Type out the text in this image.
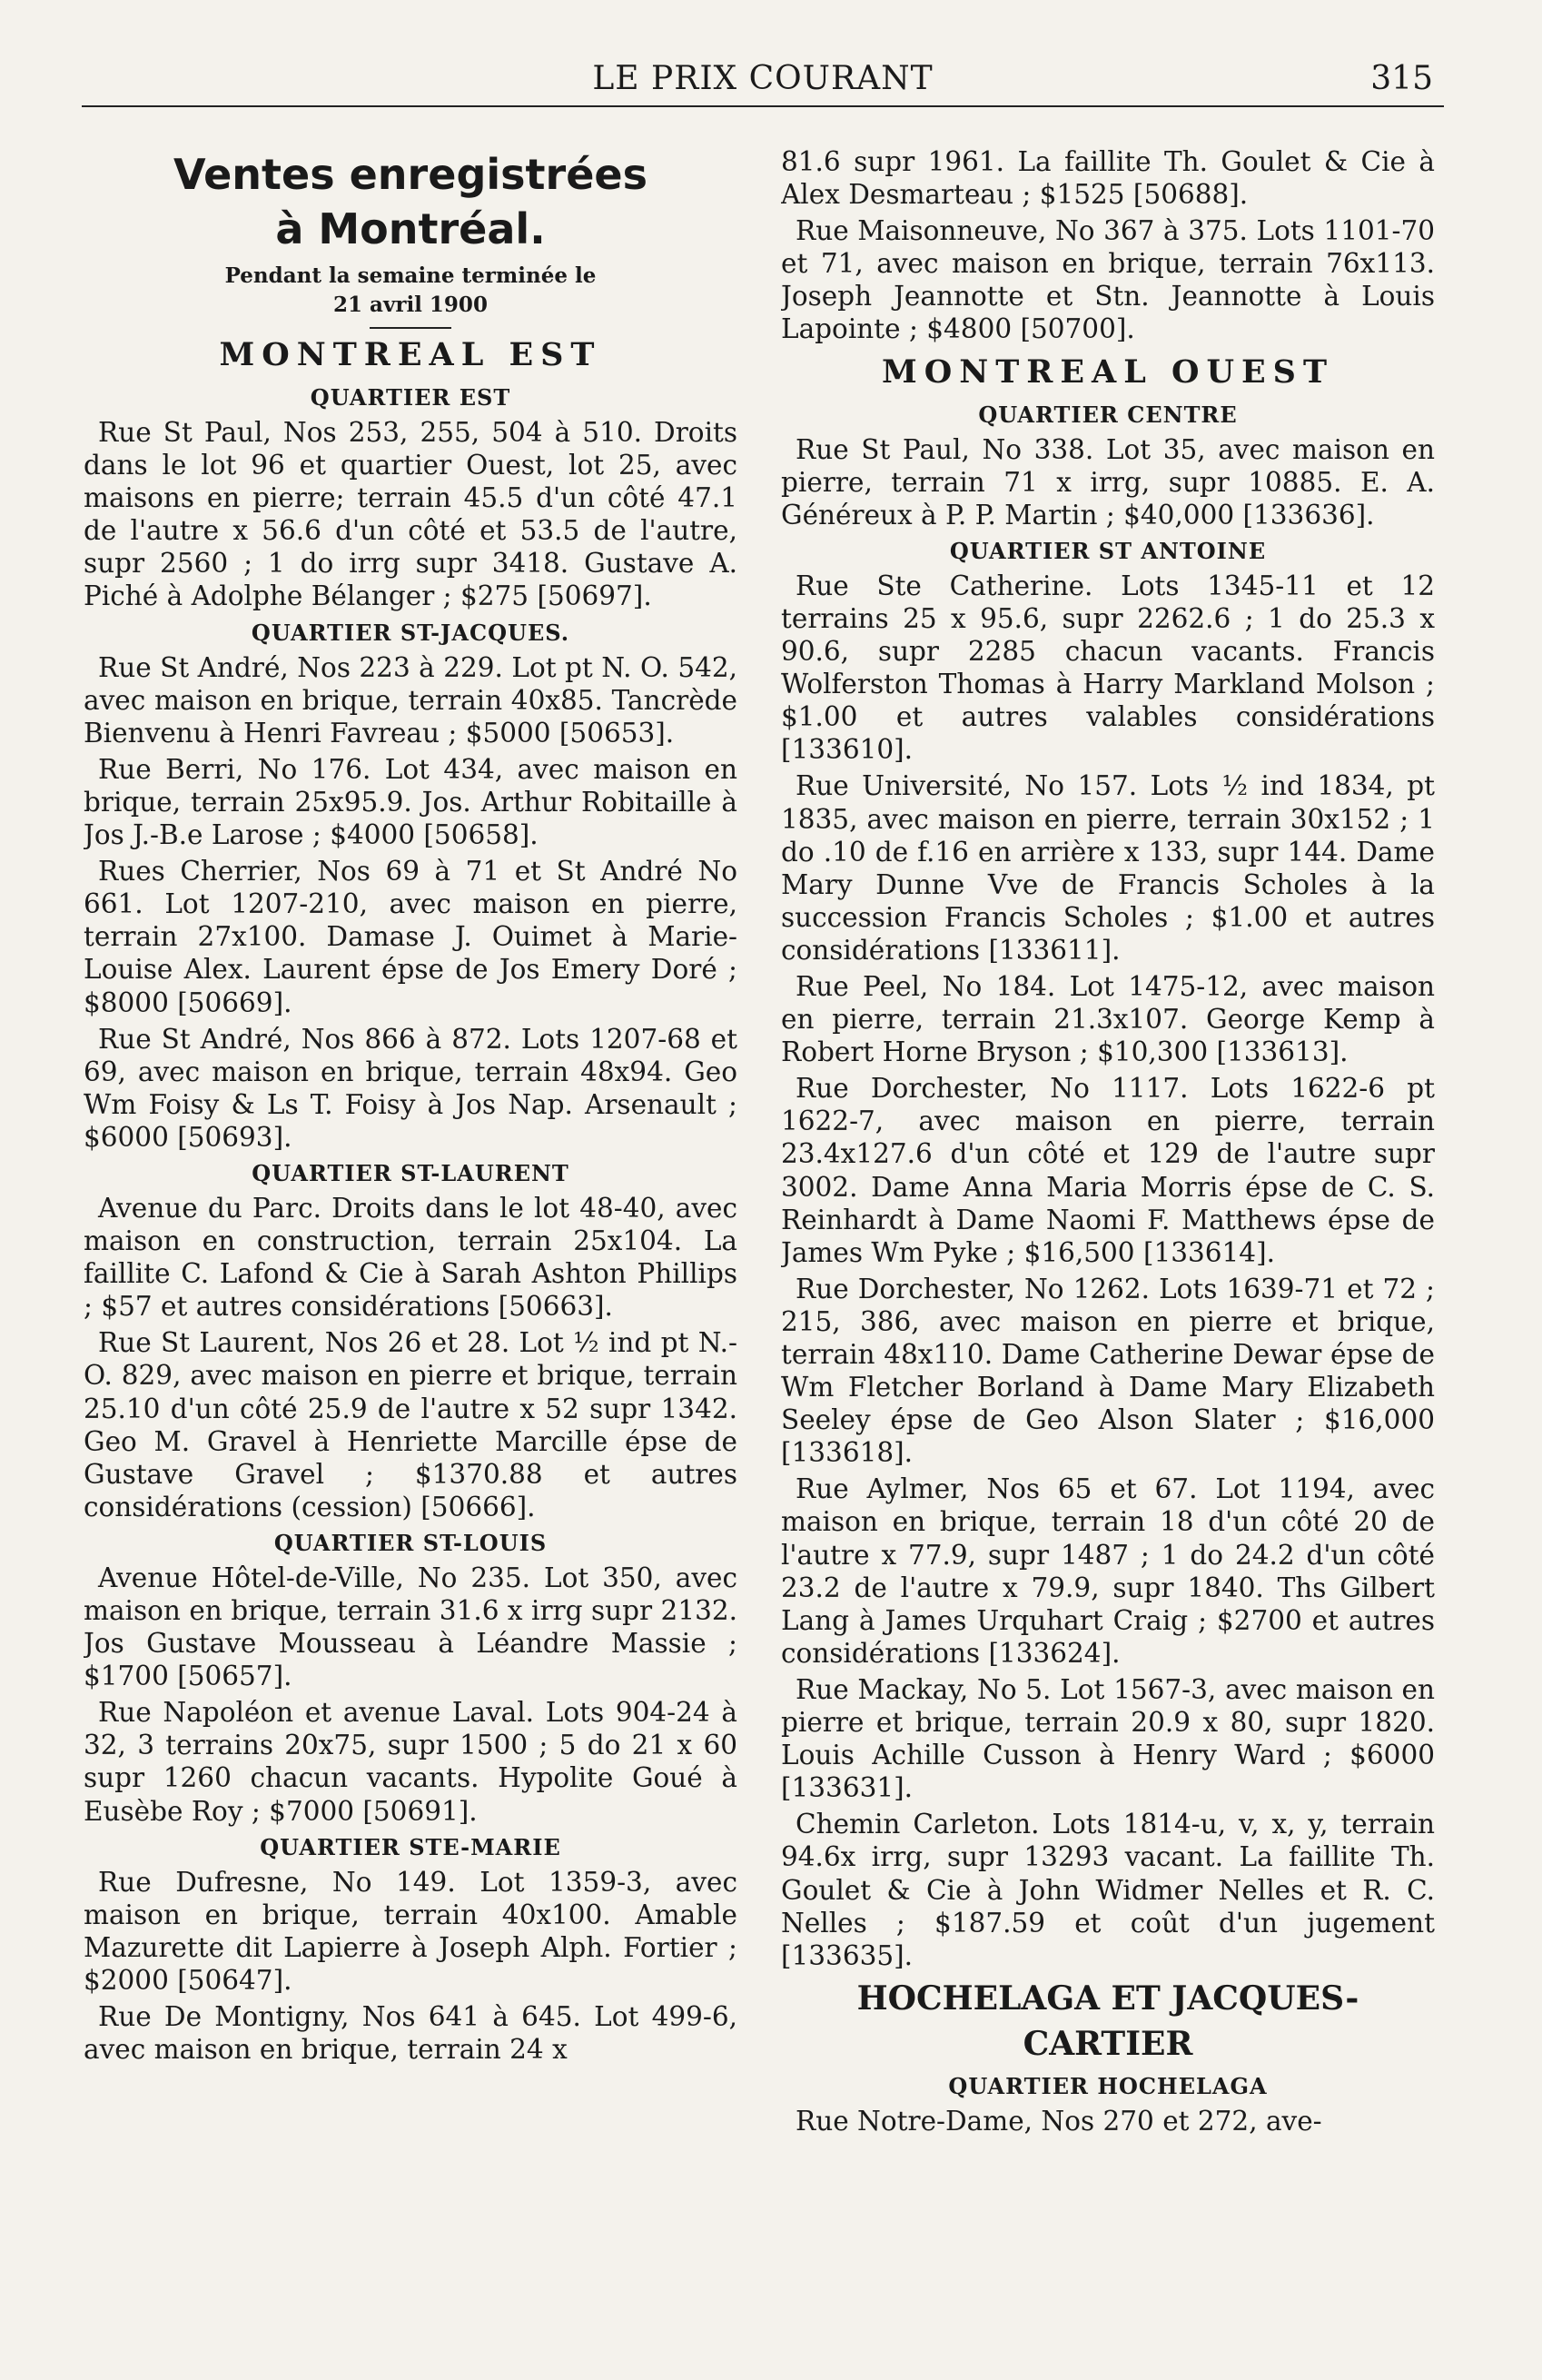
LE PRIX COURANT	315
Ventes enregistrées
à Montréal.
Pendant la semaine terminée le
21 avril 1900
MONTREAL EST
QUARTIER EST

Rue St Paul, Nos 253, 255, 504 à 510. Droits dans le lot 96 et quartier Ouest, lot 25, avec maisons en pierre; terrain 45.5 d'un côté 47.1 de l'autre x 56.6 d'un côté et 53.5 de l'autre, supr 2560 ; 1 do irrg supr 3418. Gustave A. Piché à Adolphe Bélanger ; $275 [50697].

QUARTIER ST-JACQUES.

Rue St André, Nos 223 à 229. Lot pt N. O. 542, avec maison en brique, terrain 40x85. Tancrède Bienvenu à Henri Favreau ; $5000 [50653].

Rue Berri, No 176. Lot 434, avec maison en brique, terrain 25x95.9. Jos. Arthur Robitaille à Jos J.-B.e Larose ; $4000 [50658].

Rues Cherrier, Nos 69 à 71 et St André No 661. Lot 1207-210, avec maison en pierre, terrain 27x100. Damase J. Ouimet à Marie-Louise Alex. Laurent épse de Jos Emery Doré ; $8000 [50669].

Rue St André, Nos 866 à 872. Lots 1207-68 et 69, avec maison en brique, terrain 48x94. Geo Wm Foisy & Ls T. Foisy à Jos Nap. Arsenault ; $6000 [50693].

QUARTIER ST-LAURENT

Avenue du Parc. Droits dans le lot 48-40, avec maison en construction, terrain 25x104. La faillite C. Lafond & Cie à Sarah Ashton Phillips ; $57 et autres considérations [50663].

Rue St Laurent, Nos 26 et 28. Lot ½ ind pt N.-O. 829, avec maison en pierre et brique, terrain 25.10 d'un côté 25.9 de l'autre x 52 supr 1342. Geo M. Gravel à Henriette Marcille épse de Gustave Gravel ; $1370.88 et autres considérations (cession) [50666].

QUARTIER ST-LOUIS

Avenue Hôtel-de-Ville, No 235. Lot 350, avec maison en brique, terrain 31.6 x irrg supr 2132. Jos Gustave Mousseau à Léandre Massie ; $1700 [50657].

Rue Napoléon et avenue Laval. Lots 904-24 à 32, 3 terrains 20x75, supr 1500 ; 5 do 21 x 60 supr 1260 chacun vacants. Hypolite Goué à Eusèbe Roy ; $7000 [50691].

QUARTIER STE-MARIE

Rue Dufresne, No 149. Lot 1359-3, avec maison en brique, terrain 40x100. Amable Mazurette dit Lapierre à Joseph Alph. Fortier ; $2000 [50647].

Rue De Montigny, Nos 641 à 645. Lot 499-6, avec maison en brique, terrain 24 x

81.6 supr 1961. La faillite Th. Goulet & Cie à Alex Desmarteau ; $1525 [50688].

Rue Maisonneuve, No 367 à 375. Lots 1101-70 et 71, avec maison en brique, terrain 76x113. Joseph Jeannotte et Stn. Jeannotte à Louis Lapointe ; $4800 [50700].

MONTREAL OUEST
QUARTIER CENTRE

Rue St Paul, No 338. Lot 35, avec maison en pierre, terrain 71 x irrg, supr 10885. E. A. Généreux à P. P. Martin ; $40,000 [133636].

QUARTIER ST ANTOINE

Rue Ste Catherine. Lots 1345-11 et 12 terrains 25 x 95.6, supr 2262.6 ; 1 do 25.3 x 90.6, supr 2285 chacun vacants. Francis Wolferston Thomas à Harry Markland Molson ; $1.00 et autres valables considérations [133610].

Rue Université, No 157. Lots ½ ind 1834, pt 1835, avec maison en pierre, terrain 30x152 ; 1 do .10 de f.16 en arrière x 133, supr 144. Dame Mary Dunne Vve de Francis Scholes à la succession Francis Scholes ; $1.00 et autres considérations [133611].

Rue Peel, No 184. Lot 1475-12, avec maison en pierre, terrain 21.3x107. George Kemp à Robert Horne Bryson ; $10,300 [133613].

Rue Dorchester, No 1117. Lots 1622-6 pt 1622-7, avec maison en pierre, terrain 23.4x127.6 d'un côté et 129 de l'autre supr 3002. Dame Anna Maria Morris épse de C. S. Reinhardt à Dame Naomi F. Matthews épse de James Wm Pyke ; $16,500 [133614].

Rue Dorchester, No 1262. Lots 1639-71 et 72 ; 215, 386, avec maison en pierre et brique, terrain 48x110. Dame Catherine Dewar épse de Wm Fletcher Borland à Dame Mary Elizabeth Seeley épse de Geo Alson Slater ; $16,000 [133618].

Rue Aylmer, Nos 65 et 67. Lot 1194, avec maison en brique, terrain 18 d'un côté 20 de l'autre x 77.9, supr 1487 ; 1 do 24.2 d'un côté 23.2 de l'autre x 79.9, supr 1840. Ths Gilbert Lang à James Urquhart Craig ; $2700 et autres considérations [133624].

Rue Mackay, No 5. Lot 1567-3, avec maison en pierre et brique, terrain 20.9 x 80, supr 1820. Louis Achille Cusson à Henry Ward ; $6000 [133631].

Chemin Carleton. Lots 1814-u, v, x, y, terrain 94.6x irrg, supr 13293 vacant. La faillite Th. Goulet & Cie à John Widmer Nelles et R. C. Nelles ; $187.59 et coût d'un jugement [133635].

HOCHELAGA ET JACQUES-CARTIER
QUARTIER HOCHELAGA

Rue Notre-Dame, Nos 270 et 272, ave-
